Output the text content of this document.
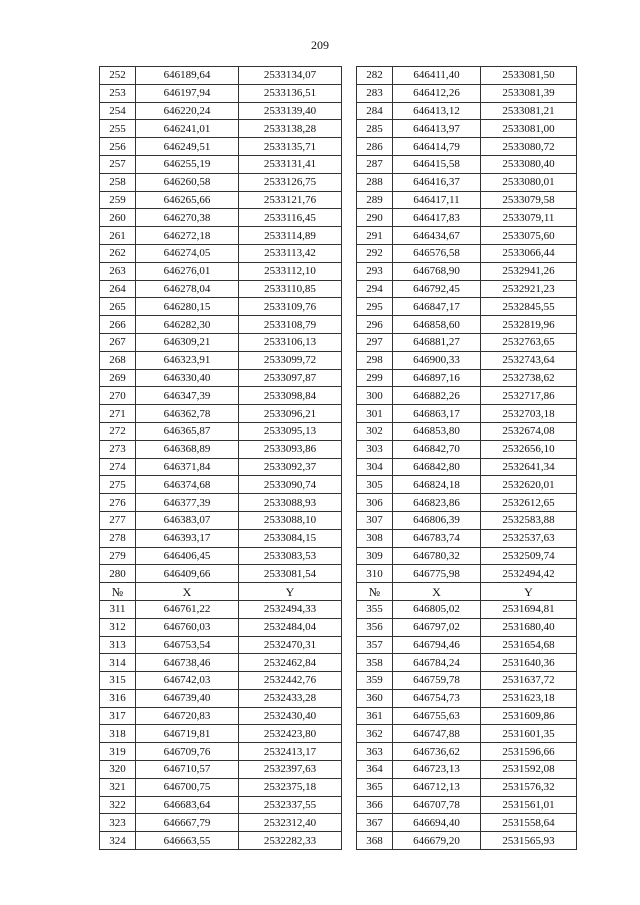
209
252	646189,64	2533134,07		282	646411,40	2533081,50
253	646197,94	2533136,51		283	646412,26	2533081,39
254	646220,24	2533139,40		284	646413,12	2533081,21
255	646241,01	2533138,28		285	646413,97	2533081,00
256	646249,51	2533135,71		286	646414,79	2533080,72
257	646255,19	2533131,41		287	646415,58	2533080,40
258	646260,58	2533126,75		288	646416,37	2533080,01
259	646265,66	2533121,76		289	646417,11	2533079,58
260	646270,38	2533116,45		290	646417,83	2533079,11
261	646272,18	2533114,89		291	646434,67	2533075,60
262	646274,05	2533113,42		292	646576,58	2533066,44
263	646276,01	2533112,10		293	646768,90	2532941,26
264	646278,04	2533110,85		294	646792,45	2532921,23
265	646280,15	2533109,76		295	646847,17	2532845,55
266	646282,30	2533108,79		296	646858,60	2532819,96
267	646309,21	2533106,13		297	646881,27	2532763,65
268	646323,91	2533099,72		298	646900,33	2532743,64
269	646330,40	2533097,87		299	646897,16	2532738,62
270	646347,39	2533098,84		300	646882,26	2532717,86
271	646362,78	2533096,21		301	646863,17	2532703,18
272	646365,87	2533095,13		302	646853,80	2532674,08
273	646368,89	2533093,86		303	646842,70	2532656,10
274	646371,84	2533092,37		304	646842,80	2532641,34
275	646374,68	2533090,74		305	646824,18	2532620,01
276	646377,39	2533088,93		306	646823,86	2532612,65
277	646383,07	2533088,10		307	646806,39	2532583,88
278	646393,17	2533084,15		308	646783,74	2532537,63
279	646406,45	2533083,53		309	646780,32	2532509,74
280	646409,66	2533081,54		310	646775,98	2532494,42
№	X	Y		№	X	Y
311	646761,22	2532494,33		355	646805,02	2531694,81
312	646760,03	2532484,04		356	646797,02	2531680,40
313	646753,54	2532470,31		357	646794,46	2531654,68
314	646738,46	2532462,84		358	646784,24	2531640,36
315	646742,03	2532442,76		359	646759,78	2531637,72
316	646739,40	2532433,28		360	646754,73	2531623,18
317	646720,83	2532430,40		361	646755,63	2531609,86
318	646719,81	2532423,80		362	646747,88	2531601,35
319	646709,76	2532413,17		363	646736,62	2531596,66
320	646710,57	2532397,63		364	646723,13	2531592,08
321	646700,75	2532375,18		365	646712,13	2531576,32
322	646683,64	2532337,55		366	646707,78	2531561,01
323	646667,79	2532312,40		367	646694,40	2531558,64
324	646663,55	2532282,33		368	646679,20	2531565,93
